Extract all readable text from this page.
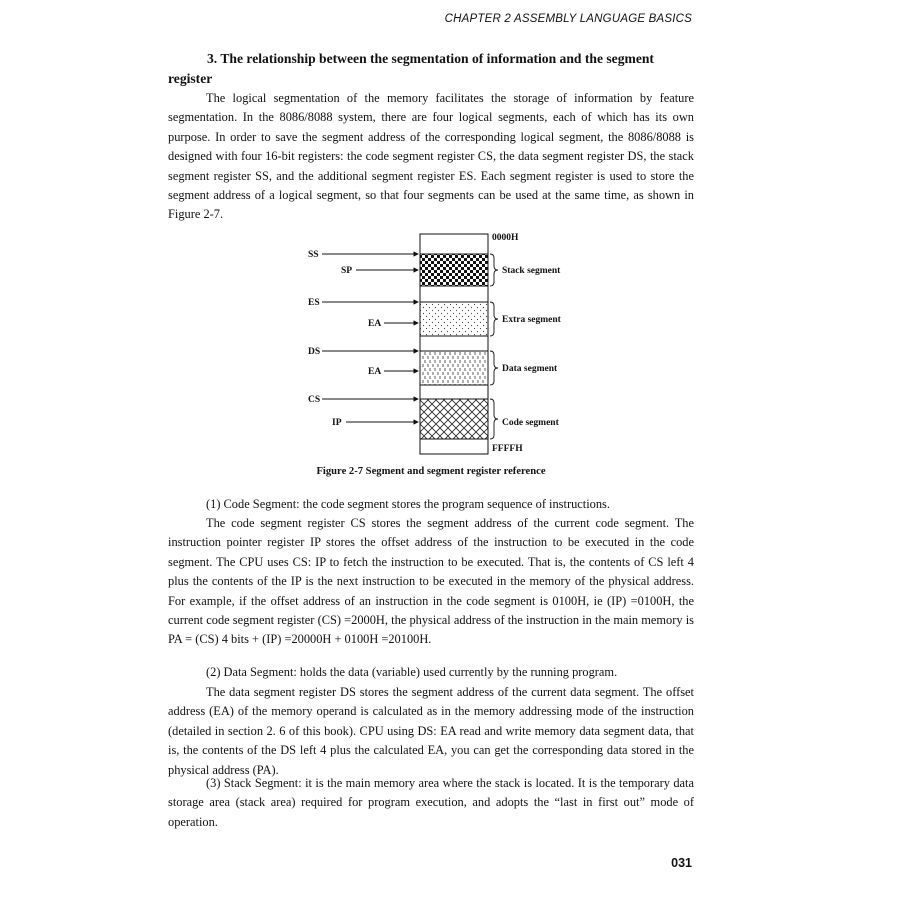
CHAPTER 2 ASSEMBLY LANGUAGE BASICS
3. The relationship between the segmentation of information and the segment register

The logical segmentation of the memory facilitates the storage of information by feature segmentation. In the 8086/8088 system, there are four logical segments, each of which has its own purpose. In order to save the segment address of the corresponding logical segment, the 8086/8088 is designed with four 16-bit registers: the code segment register CS, the data segment register DS, the stack segment register SS, and the additional segment register ES. Each segment register is used to store the segment address of a logical segment, so that four segments can be used at the same time, as shown in Figure 2-7.

0000H
FFFFH
Stack segment
Extra segment
Data segment
Code segment
SS
SP
ES
EA
DS
EA
CS
IP
Figure 2-7 Segment and segment register reference

(1) Code Segment: the code segment stores the program sequence of instructions.

The code segment register CS stores the segment address of the current code segment. The instruction pointer register IP stores the offset address of the instruction to be executed in the code segment. The CPU uses CS: IP to fetch the instruction to be executed. That is, the contents of CS left 4 plus the contents of the IP is the next instruction to be executed in the memory of the physical address. For example, if the offset address of an instruction in the code segment is 0100H, ie (IP) =0100H, the current code segment register (CS) =2000H, the physical address of the instruction in the main memory is PA = (CS) 4 bits + (IP) =20000H + 0100H =20100H.

(2) Data Segment: holds the data (variable) used currently by the running program.

The data segment register DS stores the segment address of the current data segment. The offset address (EA) of the memory operand is calculated as in the memory addressing mode of the instruction (detailed in section 2. 6 of this book). CPU using DS: EA read and write memory data segment data, that is, the contents of the DS left 4 plus the calculated EA, you can get the corresponding data stored in the physical address (PA).

(3) Stack Segment: it is the main memory area where the stack is located. It is the temporary data storage area (stack area) required for program execution, and adopts the “last in first out” mode of operation.

031
